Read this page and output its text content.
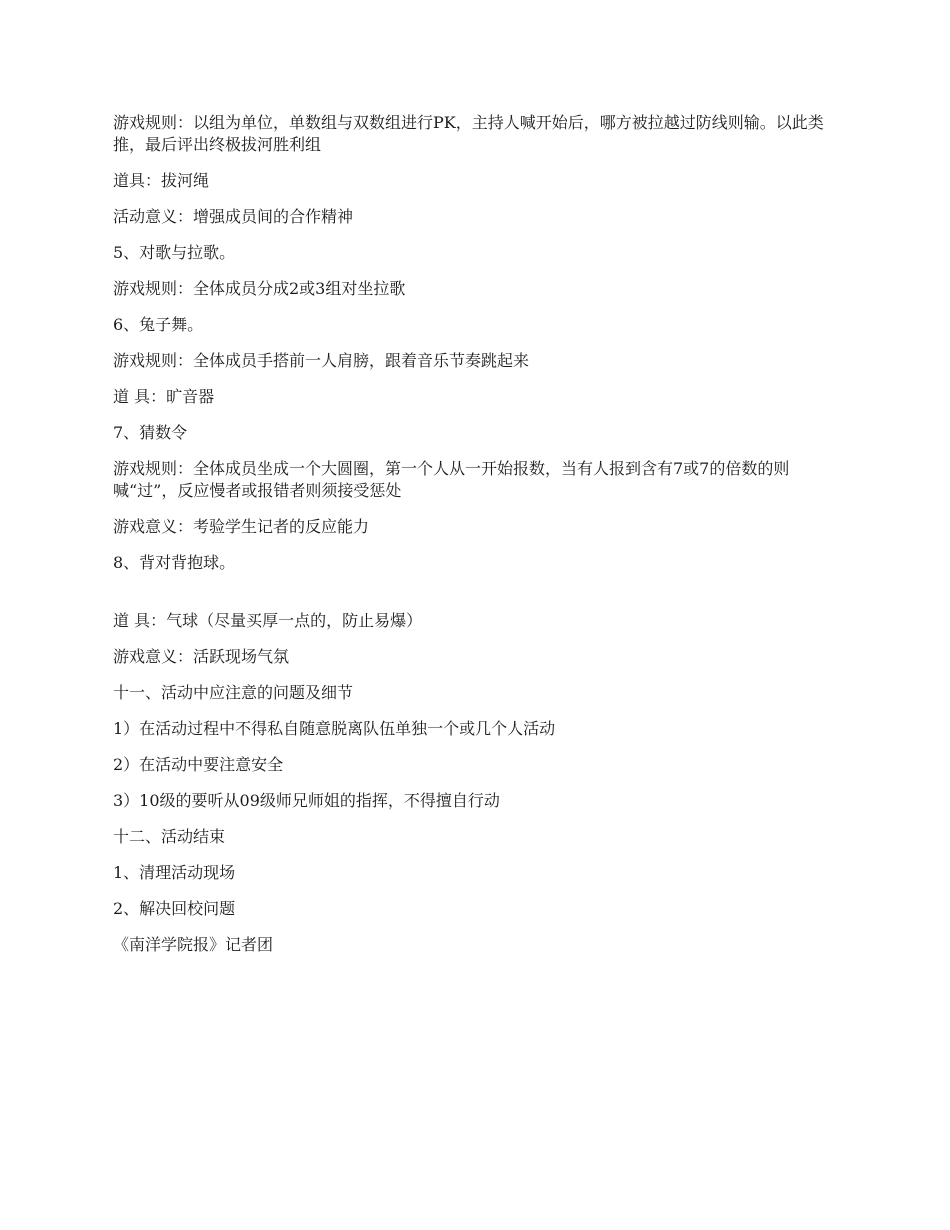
游戏规则：以组为单位，单数组与双数组进行PK，主持人喊开始后，哪方被拉越过防线则输。以此类推，最后评出终极拔河胜利组

道具：拔河绳

活动意义：增强成员间的合作精神

5、对歌与拉歌。

游戏规则：全体成员分成2或3组对坐拉歌

6、兔子舞。

游戏规则：全体成员手搭前一人肩膀，跟着音乐节奏跳起来

道 具：旷音器

7、猜数令

游戏规则：全体成员坐成一个大圆圈，第一个人从一开始报数，当有人报到含有7或7的倍数的则喊“过”，反应慢者或报错者则须接受惩处

游戏意义：考验学生记者的反应能力

8、背对背抱球。

道 具：气球（尽量买厚一点的，防止易爆）

游戏意义：活跃现场气氛

十一、活动中应注意的问题及细节

1）在活动过程中不得私自随意脱离队伍单独一个或几个人活动

2）在活动中要注意安全

3）10级的要听从09级师兄师姐的指挥，不得擅自行动

十二、活动结束

1、清理活动现场

2、解决回校问题

《南洋学院报》记者团
